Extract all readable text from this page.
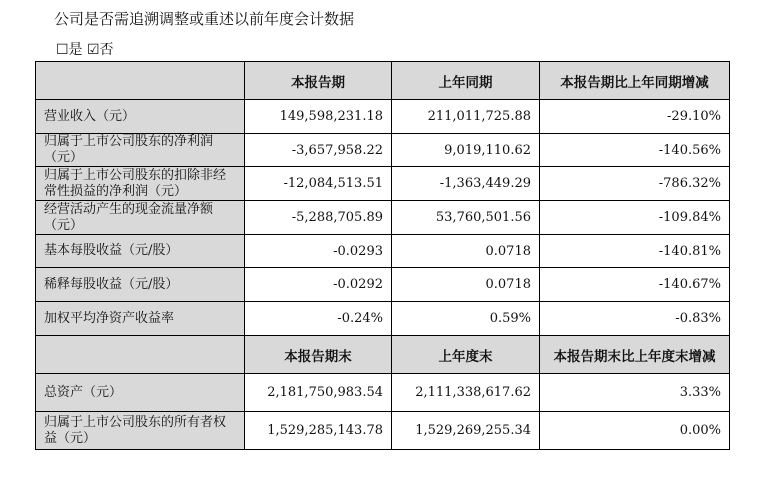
公司是否需追溯调整或重述以前年度会计数据
☐是 ☑否
	本报告期	上年同期	本报告期比上年同期增减
营业收入（元）	149,598,231.18	211,011,725.88	-29.10%
归属于上市公司股东的净利润（元）	-3,657,958.22	9,019,110.62	-140.56%
归属于上市公司股东的扣除非经常性损益的净利润（元）	-12,084,513.51	-1,363,449.29	-786.32%
经营活动产生的现金流量净额（元）	-5,288,705.89	53,760,501.56	-109.84%
基本每股收益（元/股）	-0.0293	0.0718	-140.81%
稀释每股收益（元/股）	-0.0292	0.0718	-140.67%
加权平均净资产收益率	-0.24%	0.59%	-0.83%
	本报告期末	上年度末	本报告期末比上年度末增减
总资产（元）	2,181,750,983.54	2,111,338,617.62	3.33%
归属于上市公司股东的所有者权益（元）	1,529,285,143.78	1,529,269,255.34	0.00%
